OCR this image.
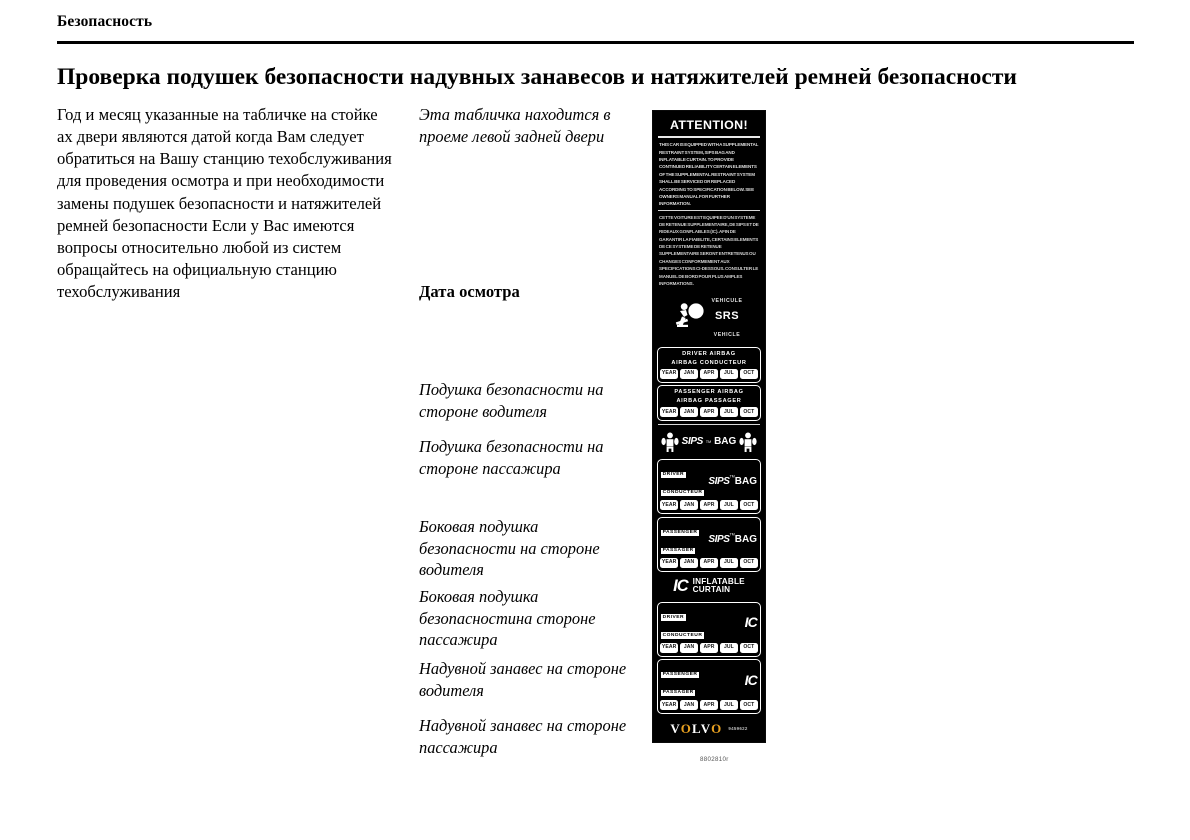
Безопасность
Проверка подушек безопасности надувных занавесов и натяжителей ремней безопасности

Год и месяц указанные на табличке на стойке ах двери являются датой когда Вам следует обратиться на Вашу станцию техобслуживания для проведения осмотра и при необходимости замены подушек безопасности и натяжителей ремней безопасности Если у Вас имеются вопросы относительно любой из систем обращайтесь на официальную станцию техобслуживания

Эта табличка находится в проеме левой задней двери
Дата осмотра
Подушка безопасности на стороне водителя
Подушка безопасности на стороне пассажира
Боковая подушка безопасности на стороне водителя
Боковая подушка безопасностина стороне пассажира
Надувной занавес на стороне водителя
Надувной занавес на стороне пассажира
ATTENTION!
THIS CAR IS EQUIPPED WITH A SUPPLEMENTAL RESTRAINT SYSTEM, SIPS BAG AND INFLATABLE CURTAIN. TO PROVIDE CONTINUED RELIABILITY CERTAIN ELEMENTS OF THE SUPPLEMENTAL RESTRAINT SYSTEM SHALL BE SERVICED OR REPLACED ACCORDING TO SPECIFICATION BELOW. SEE OWNERS MANUAL FOR FURTHER INFORMATION.
CETTE VOITURE EST EQUIPEE D'UN SYSTEME DE RETENUE SUPPLEMENTAIRE, DE SIPS ET DE RIDEAUX GONFLABLES (IC). AFIN DE GARANTIR LA FIABILITE, CERTAINS ELEMENTS DE CE SYSTEME DE RETENUE SUPPLEMENTAIRE SERONT ENTRETENUS OU CHANGES CONFORMEMENT AUX SPECIFICATIONS CI-DESSOUS. CONSULTER LE MANUEL DE BORD POUR PLUS AMPLES INFORMATIONS.
VEHICULE
SRS
VEHICLE
DRIVER AIRBAG
AIRBAG CONDUCTEUR
YEAR	JAN	APR	JUL	OCT
PASSENGER AIRBAG
AIRBAG PASSAGER
YEAR	JAN	APR	JUL	OCT
SIPS TM BAG
DRIVER
CONDUCTEUR
SIPS™BAG
YEAR	JAN	APR	JUL	OCT
PASSENGER
PASSAGER
SIPS™BAG
YEAR	JAN	APR	JUL	OCT
IC INFLATABLE
CURTAIN
DRIVER
CONDUCTEUR
IC
YEAR	JAN	APR	JUL	OCT
PASSENGER
PASSAGER
IC
YEAR	JAN	APR	JUL	OCT
VOLVO 9459622
8802810r
